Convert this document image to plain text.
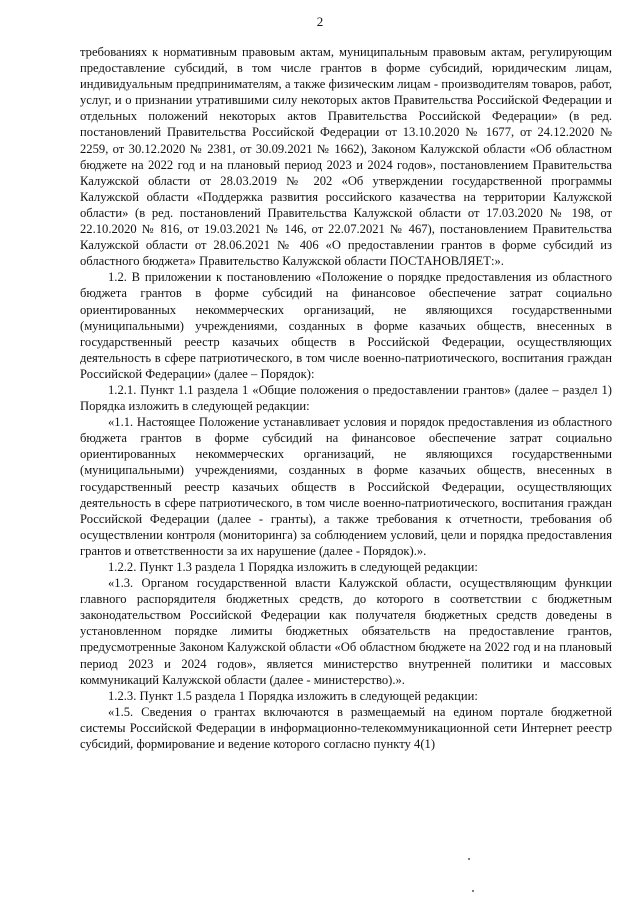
2

требованиях к нормативным правовым актам, муниципальным правовым актам, регулирующим предоставление субсидий, в том числе грантов в форме субсидий, юридическим лицам, индивидуальным предпринимателям, а также физическим лицам - производителям товаров, работ, услуг, и о признании утратившими силу некоторых актов Правительства Российской Федерации и отдельных положений некоторых актов Правительства Российской Федерации» (в ред. постановлений Правительства Российской Федерации от 13.10.2020 № 1677, от 24.12.2020 № 2259, от 30.12.2020 № 2381, от 30.09.2021 № 1662), Законом Калужской области «Об областном бюджете на 2022 год и на плановый период 2023 и 2024 годов», постановлением Правительства Калужской области от 28.03.2019 № 202 «Об утверждении государственной программы Калужской области «Поддержка развития российского казачества на территории Калужской области» (в ред. постановлений Правительства Калужской области от 17.03.2020 № 198, от 22.10.2020 № 816, от 19.03.2021 № 146, от 22.07.2021 № 467), постановлением Правительства Калужской области от 28.06.2021 № 406 «О предоставлении грантов в форме субсидий из областного бюджета» Правительство Калужской области ПОСТАНОВЛЯЕТ:».

1.2. В приложении к постановлению «Положение о порядке предоставления из областного бюджета грантов в форме субсидий на финансовое обеспечение затрат социально ориентированных некоммерческих организаций, не являющихся государственными (муниципальными) учреждениями, созданных в форме казачьих обществ, внесенных в государственный реестр казачьих обществ в Российской Федерации, осуществляющих деятельность в сфере патриотического, в том числе военно-патриотического, воспитания граждан Российской Федерации» (далее – Порядок):

1.2.1. Пункт 1.1 раздела 1 «Общие положения о предоставлении грантов» (далее – раздел 1) Порядка изложить в следующей редакции:

«1.1. Настоящее Положение устанавливает условия и порядок предоставления из областного бюджета грантов в форме субсидий на финансовое обеспечение затрат социально ориентированных некоммерческих организаций, не являющихся государственными (муниципальными) учреждениями, созданных в форме казачьих обществ, внесенных в государственный реестр казачьих обществ в Российской Федерации, осуществляющих деятельность в сфере патриотического, в том числе военно-патриотического, воспитания граждан Российской Федерации (далее - гранты), а также требования к отчетности, требования об осуществлении контроля (мониторинга) за соблюдением условий, цели и порядка предоставления грантов и ответственности за их нарушение (далее - Порядок).».

1.2.2. Пункт 1.3 раздела 1 Порядка изложить в следующей редакции:

«1.3. Органом государственной власти Калужской области, осуществляющим функции главного распорядителя бюджетных средств, до которого в соответствии с бюджетным законодательством Российской Федерации как получателя бюджетных средств доведены в установленном порядке лимиты бюджетных обязательств на предоставление грантов, предусмотренные Законом Калужской области «Об областном бюджете на 2022 год и на плановый период 2023 и 2024 годов», является министерство внутренней политики и массовых коммуникаций Калужской области (далее - министерство).».

1.2.3. Пункт 1.5 раздела 1 Порядка изложить в следующей редакции:

«1.5. Сведения о грантах включаются в размещаемый на едином портале бюджетной системы Российской Федерации в информационно-телекоммуникационной сети Интернет реестр субсидий, формирование и ведение которого согласно пункту 4(1)
